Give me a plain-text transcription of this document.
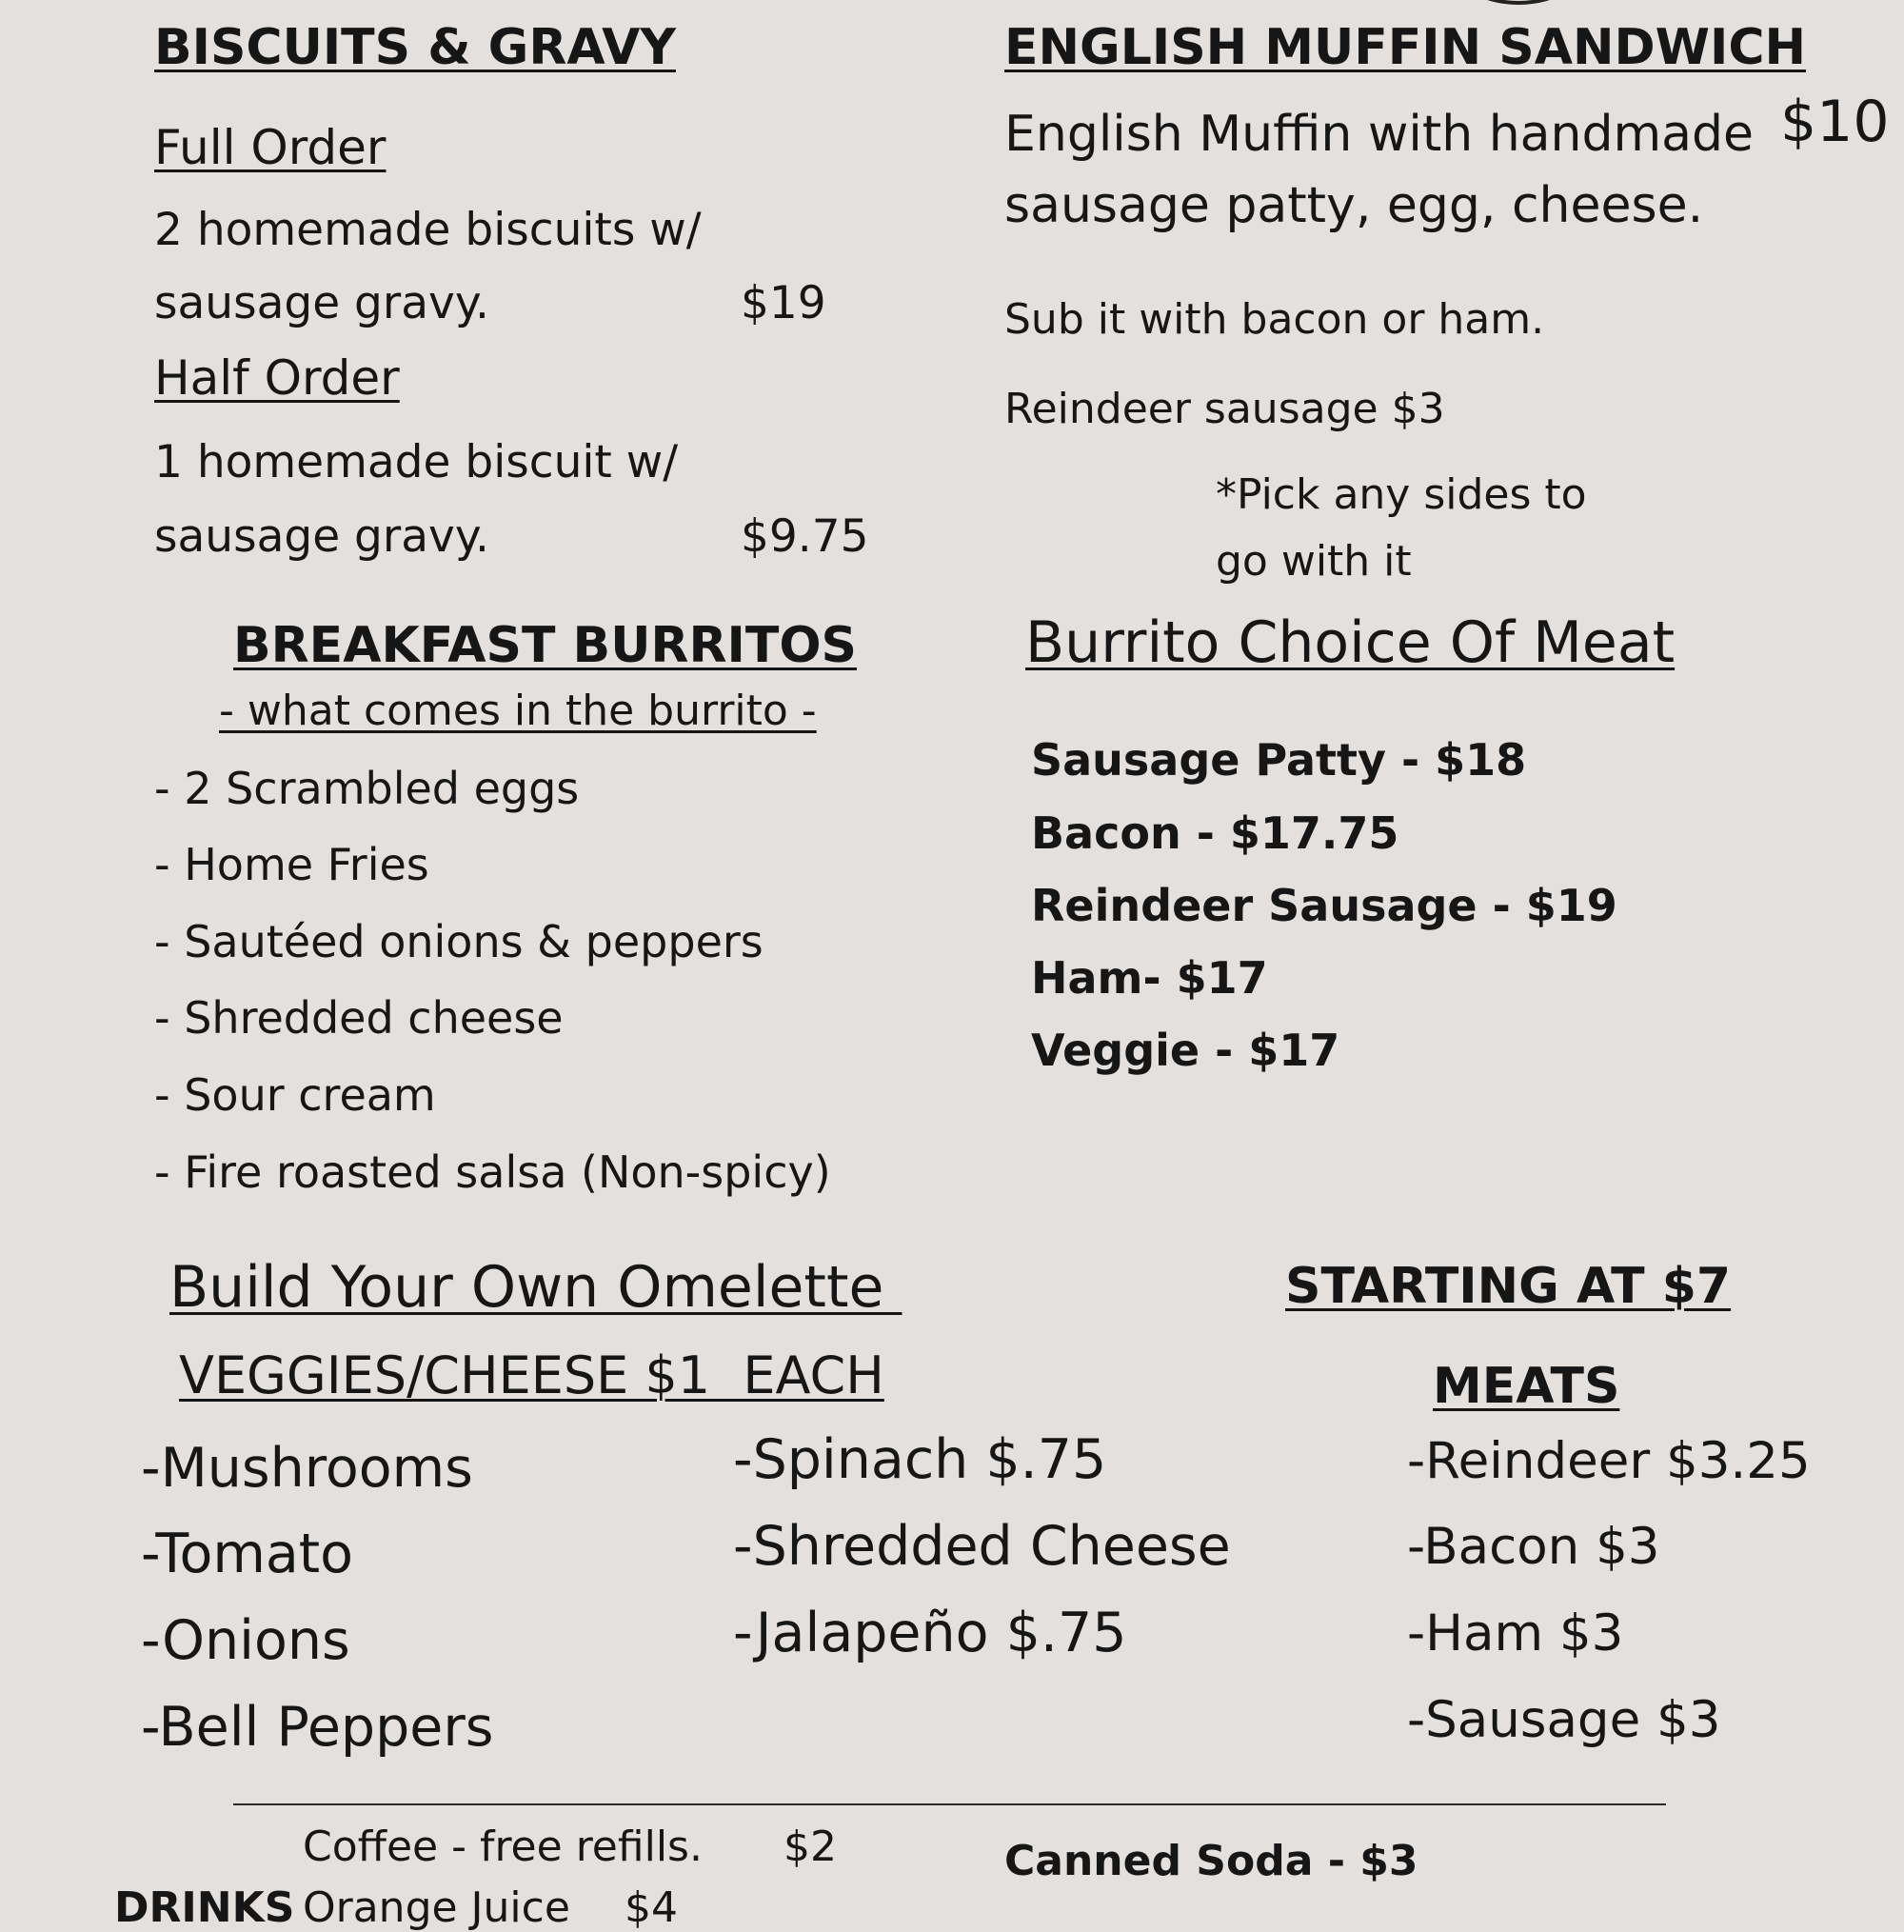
BISCUITS & GRAVY
Full Order
2 homemade biscuits w/
sausage gravy.	$19
Half Order
1 homemade biscuit w/
sausage gravy.	$9.75
ENGLISH MUFFIN SANDWICH
$10
English Muffin with handmade
sausage patty, egg, cheese.
Sub it with bacon or ham.
Reindeer sausage $3
*Pick any sides to
go with it
BREAKFAST BURRITOS
- what comes in the burrito -
- 2 Scrambled eggs
- Home Fries
- Sautéed onions & peppers
- Shredded cheese
- Sour cream
- Fire roasted salsa (Non-spicy)
Burrito Choice Of Meat
Sausage Patty - $18
Bacon - $17.75
Reindeer Sausage - $19
Ham- $17
Veggie - $17
Build Your Own Omelette	STARTING AT $7
VEGGIES/CHEESE $1  EACH	MEATS
-Mushrooms
-Tomato
-Onions
-Bell Peppers
-Spinach $.75
-Shredded Cheese
-Jalapeño $.75
-Reindeer $3.25
-Bacon $3
-Ham $3
-Sausage $3
Coffee - free refills. $2	Canned Soda - $3
DRINKS Orange Juice $4
